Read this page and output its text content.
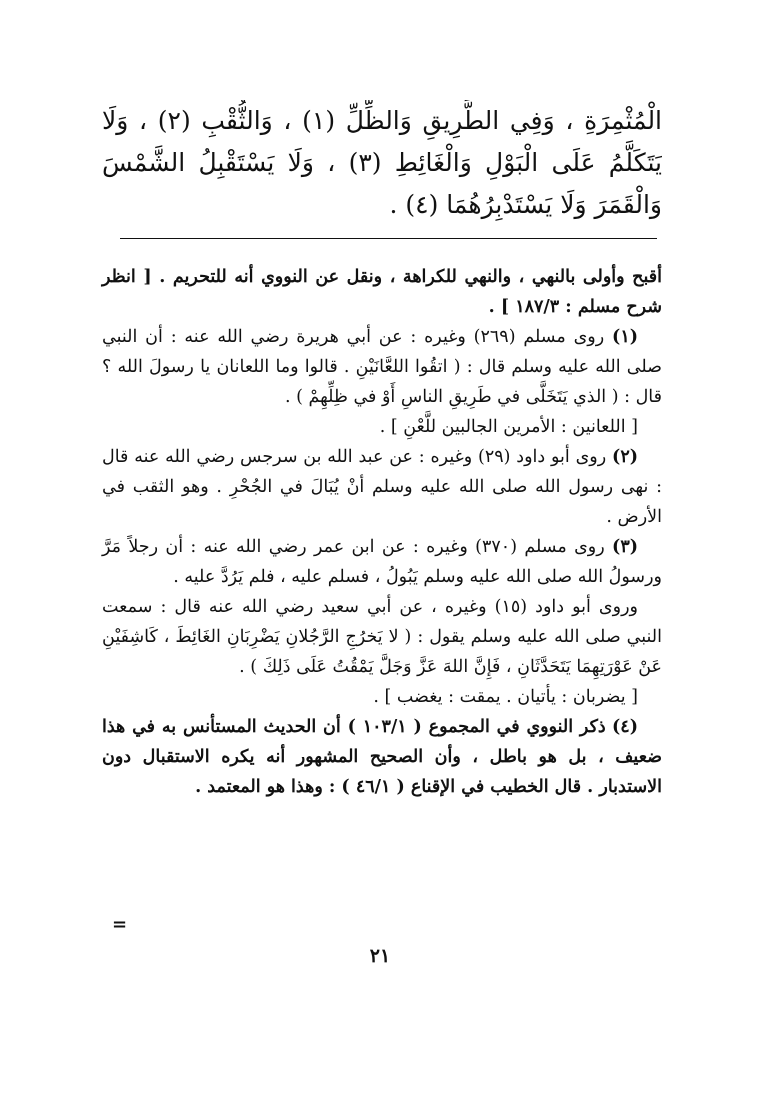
الْمُثْمِرَةِ ، وَفِي الطَّرِيقِ وَالظِّلِّ (١) ، وَالثُّقْبِ (٢) ، وَلَا يَتَكَلَّمُ عَلَى الْبَوْلِ وَالْغَائِطِ (٣) ، وَلَا يَسْتَقْبِلُ الشَّمْسَ وَالْقَمَرَ وَلَا يَسْتَدْبِرُهُمَا (٤) .

أقبح وأولى بالنهي ، والنهي للكراهة ، ونقل عن النووي أنه للتحريم . [ انظر شرح مسلم : ١٨٧/٣ ] .

(١) روى مسلم (٢٦٩) وغيره : عن أبي هريرة رضي الله عنه : أن النبي صلى الله عليه وسلم قال : ( اتقُوا اللعَّانَيْنِ . قالوا وما اللعانان يا رسولَ الله ؟ قال : ( الذي يَتَخَلَّى في طَرِيقِ الناسِ أَوْ في ظِلِّهِمْ ) .

[ اللعانين : الأمرين الجالبين للَّعْنِ ] .

(٢) روى أبو داود (٢٩) وغيره : عن عبد الله بن سرجس رضي الله عنه قال : نهى رسول الله صلى الله عليه وسلم أنْ يُبَالَ في الجُحْرِ . وهو الثقب في الأرض .

(٣) روى مسلم (٣٧٠) وغيره : عن ابن عمر رضي الله عنه : أن رجلاً مَرَّ ورسولُ الله صلى الله عليه وسلم يَبُولُ ، فسلم عليه ، فلم يَرُدَّ عليه .

وروى أبو داود (١٥) وغيره ، عن أبي سعيد رضي الله عنه قال : سمعت النبي صلى الله عليه وسلم يقول : ( لا يَخرُجِ الرَّجُلانِ يَضْرِبَانِ الغَائِطَ ، كَاشِفَيْنِ عَنْ عَوْرَتِهِمَا يَتَحَدَّثَانِ ، فَإِنَّ اللهَ عَزَّ وَجَلَّ يَمْقُتُ عَلَى ذَلِكَ ) .

[ يضربان : يأتيان . يمقت : يغضب ] .

(٤) ذكر النووي في المجموع ( ١٠٣/١ ) أن الحديث المستأنس به في هذا ضعيف ، بل هو باطل ، وأن الصحيح المشهور أنه يكره الاستقبال دون الاستدبار . قال الخطيب في الإقناع ( ٤٦/١ ) : وهذا هو المعتمد .

=
٢١
